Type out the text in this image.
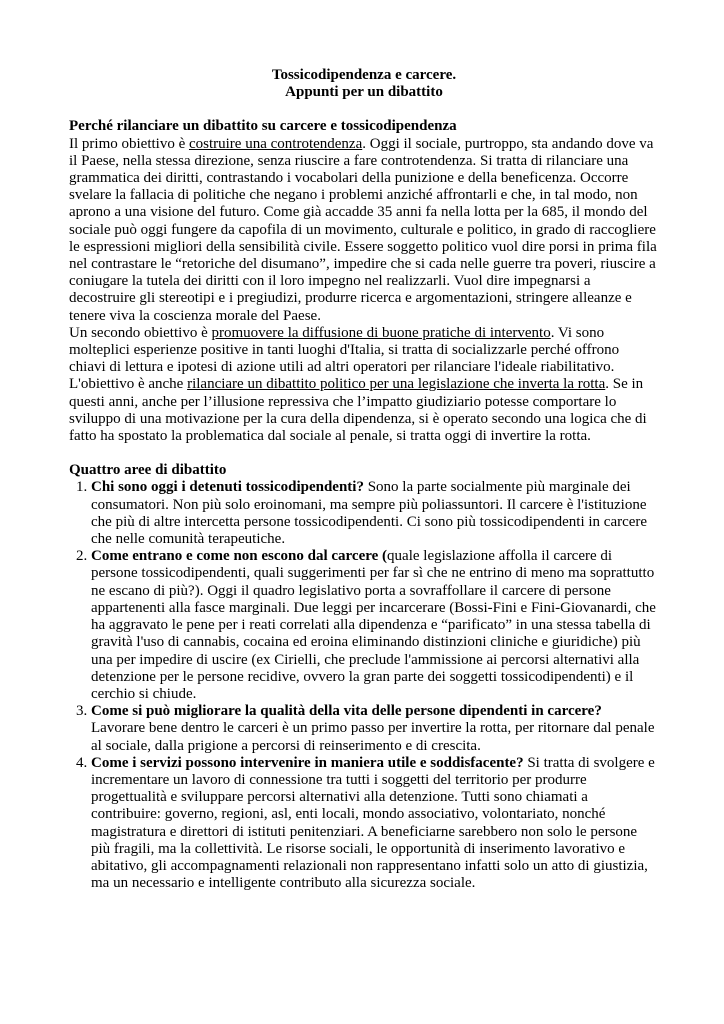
Tossicodipendenza e carcere.
Appunti per un dibattito
Perché rilanciare un dibattito su carcere e tossicodipendenza

Il primo obiettivo è costruire una controtendenza. Oggi il sociale, purtroppo, sta andando dove va il Paese, nella stessa direzione, senza riuscire a fare controtendenza. Si tratta di rilanciare una grammatica dei diritti, contrastando i vocabolari della punizione e della beneficenza. Occorre svelare la fallacia di politiche che negano i problemi anziché affrontarli e che, in tal modo, non aprono a una visione del futuro. Come già accadde 35 anni fa nella lotta per la 685, il mondo del sociale può oggi fungere da capofila di un movimento, culturale e politico, in grado di raccogliere le espressioni migliori della sensibilità civile. Essere soggetto politico vuol dire porsi in prima fila nel contrastare le “retoriche del disumano”, impedire che si cada nelle guerre tra poveri, riuscire a coniugare la tutela dei diritti con il loro impegno nel realizzarli. Vuol dire impegnarsi a decostruire gli stereotipi e i pregiudizi, produrre ricerca e argomentazioni, stringere alleanze e tenere viva la coscienza morale del Paese.

Un secondo obiettivo è promuovere la diffusione di buone pratiche di intervento. Vi sono molteplici esperienze positive in tanti luoghi d'Italia, si tratta di socializzarle perché offrono chiavi di lettura e ipotesi di azione utili ad altri operatori per rilanciare l'ideale riabilitativo.

L'obiettivo è anche rilanciare un dibattito politico per una legislazione che inverta la rotta. Se in questi anni, anche per l’illusione repressiva che l’impatto giudiziario potesse comportare lo sviluppo di una motivazione per la cura della dipendenza, si è operato secondo una logica che di fatto ha spostato la problematica dal sociale al penale, si tratta oggi di invertire la rotta.

Quattro aree di dibattito
1. Chi sono oggi i detenuti tossicodipendenti? Sono la parte socialmente più marginale dei consumatori. Non più solo eroinomani, ma sempre più poliassuntori. Il carcere è l'istituzione che più di altre intercetta persone tossicodipendenti. Ci sono più tossicodipendenti in carcere che nelle comunità terapeutiche.
2. Come entrano e come non escono dal carcere (quale legislazione affolla il carcere di persone tossicodipendenti, quali suggerimenti per far sì che ne entrino di meno ma soprattutto ne escano di più?). Oggi il quadro legislativo porta a sovraffollare il carcere di persone appartenenti alla fasce marginali. Due leggi per incarcerare (Bossi-Fini e Fini-Giovanardi, che ha aggravato le pene per i reati correlati alla dipendenza e “parificato” in una stessa tabella di gravità l'uso di cannabis, cocaina ed eroina eliminando distinzioni cliniche e giuridiche) più una per impedire di uscire (ex Cirielli, che preclude l'ammissione ai percorsi alternativi alla detenzione per le persone recidive, ovvero la gran parte dei soggetti tossicodipendenti) e il cerchio si chiude.
3. Come si può migliorare la qualità della vita delle persone dipendenti in carcere? Lavorare bene dentro le carceri è un primo passo per invertire la rotta, per ritornare dal penale al sociale, dalla prigione a percorsi di reinserimento e di crescita.
4. Come i servizi possono intervenire in maniera utile e soddisfacente? Si tratta di svolgere e incrementare un lavoro di connessione tra tutti i soggetti del territorio per produrre progettualità e sviluppare percorsi alternativi alla detenzione. Tutti sono chiamati a contribuire: governo, regioni, asl, enti locali, mondo associativo, volontariato, nonché magistratura e direttori di istituti penitenziari. A beneficiarne sarebbero non solo le persone più fragili, ma la collettività. Le risorse sociali, le opportunità di inserimento lavorativo e abitativo, gli accompagnamenti relazionali non rappresentano infatti solo un atto di giustizia, ma un necessario e intelligente contributo alla sicurezza sociale.
